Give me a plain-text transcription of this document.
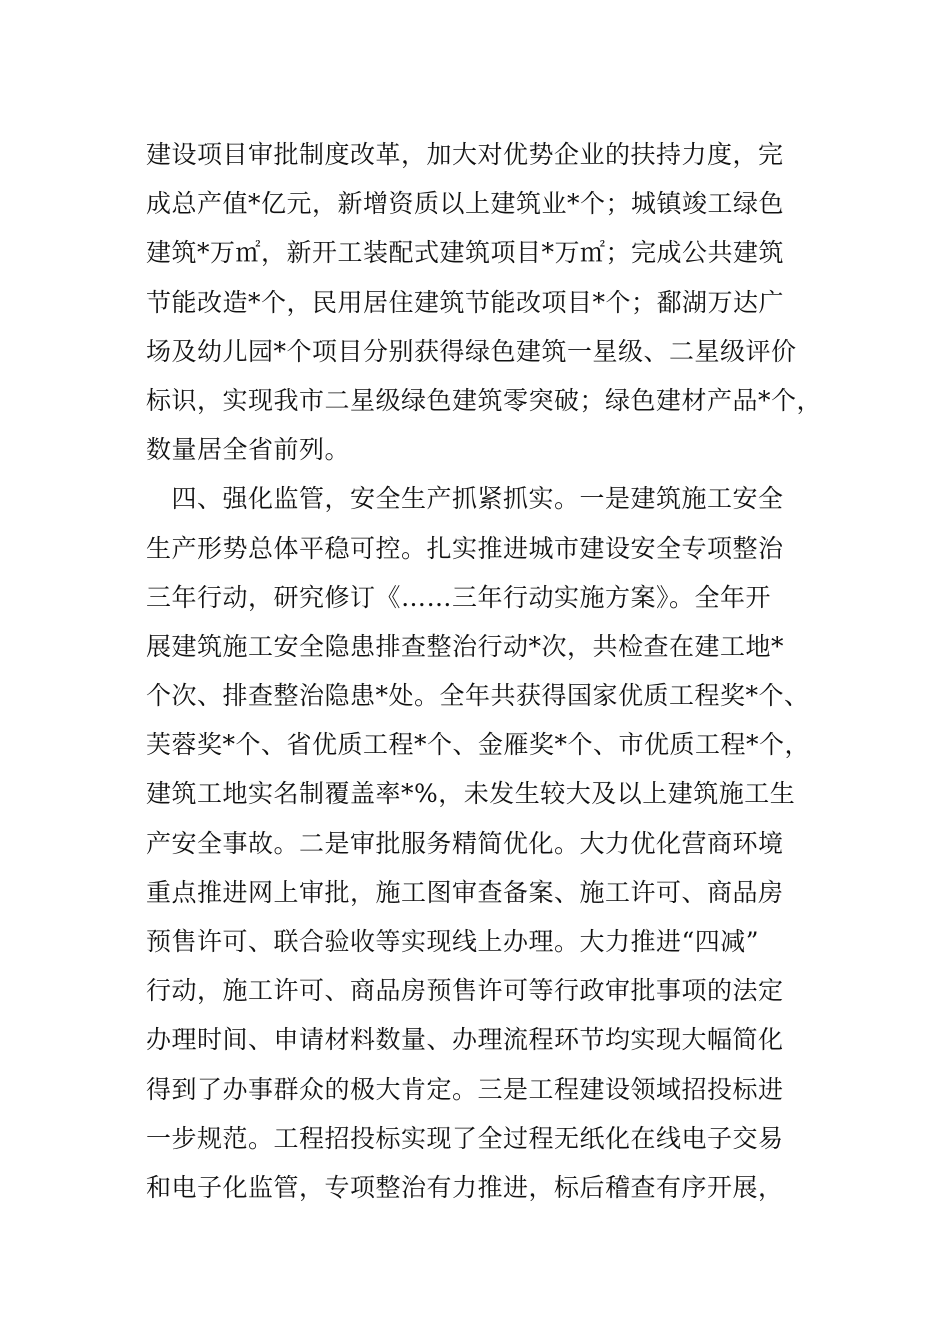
建设项目审批制度改革，加大对优势企业的扶持力度，完
成总产值*亿元，新增资质以上建筑业*个；城镇竣工绿色
建筑*万㎡，新开工装配式建筑项目*万㎡；完成公共建筑
节能改造*个，民用居住建筑节能改项目*个；鄱湖万达广
场及幼儿园*个项目分别获得绿色建筑一星级、二星级评价
标识，实现我市二星级绿色建筑零突破；绿色建材产品*个，
数量居全省前列。
　四、强化监管，安全生产抓紧抓实。一是建筑施工安全
生产形势总体平稳可控。扎实推进城市建设安全专项整治
三年行动，研究修订《……三年行动实施方案》。全年开
展建筑施工安全隐患排查整治行动*次，共检查在建工地*
个次、排查整治隐患*处。全年共获得国家优质工程奖*个、
芙蓉奖*个、省优质工程*个、金雁奖*个、市优质工程*个，
建筑工地实名制覆盖率*%，未发生较大及以上建筑施工生
产安全事故。二是审批服务精简优化。大力优化营商环境
重点推进网上审批，施工图审查备案、施工许可、商品房
预售许可、联合验收等实现线上办理。大力推进“四减”
行动，施工许可、商品房预售许可等行政审批事项的法定
办理时间、申请材料数量、办理流程环节均实现大幅简化
得到了办事群众的极大肯定。三是工程建设领域招投标进
一步规范。工程招投标实现了全过程无纸化在线电子交易
和电子化监管，专项整治有力推进，标后稽查有序开展，
